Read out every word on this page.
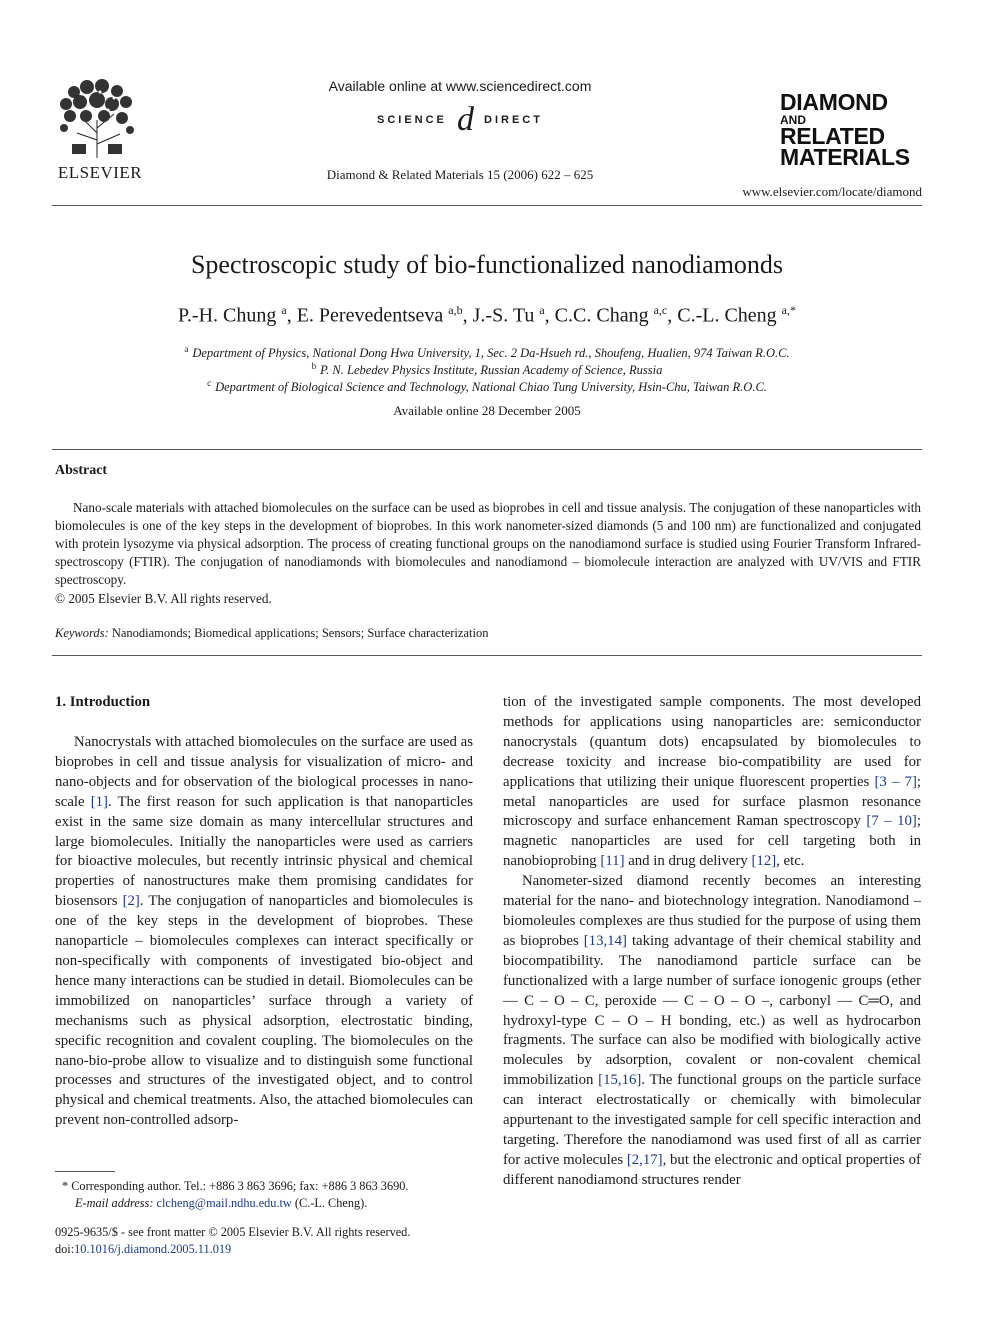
ELSEVIER
Available online at www.sciencedirect.com
SCIENCE d DIRECT
Diamond & Related Materials 15 (2006) 622 – 625
DIAMOND
AND
RELATED
MATERIALS
www.elsevier.com/locate/diamond
Spectroscopic study of bio-functionalized nanodiamonds
P.-H. Chung $^a$, E. Perevedentseva $^{a,b}$, J.-S. Tu $^a$, C.C. Chang $^{a,c}$, C.-L. Cheng $^{a,*}$
$^a$ Department of Physics, National Dong Hwa University, 1, Sec. 2 Da-Hsueh rd., Shoufeng, Hualien, 974 Taiwan R.O.C.
$^b$ P. N. Lebedev Physics Institute, Russian Academy of Science, Russia
$^c$ Department of Biological Science and Technology, National Chiao Tung University, Hsin-Chu, Taiwan R.O.C.
Available online 28 December 2005
Abstract
Nano-scale materials with attached biomolecules on the surface can be used as bioprobes in cell and tissue analysis. The conjugation of these nanoparticles with biomolecules is one of the key steps in the development of bioprobes. In this work nanometer-sized diamonds (5 and 100 nm) are functionalized and conjugated with protein lysozyme via physical adsorption. The process of creating functional groups on the nanodiamond surface is studied using Fourier Transform Infrared-spectroscopy (FTIR). The conjugation of nanodiamonds with biomolecules and nanodiamond – biomolecule interaction are analyzed with UV/VIS and FTIR spectroscopy.
© 2005 Elsevier B.V. All rights reserved.
Keywords: Nanodiamonds; Biomedical applications; Sensors; Surface characterization
1. Introduction

Nanocrystals with attached biomolecules on the surface are used as bioprobes in cell and tissue analysis for visualization of micro- and nano-objects and for observation of the biological processes in nano-scale [1]. The first reason for such application is that nanoparticles exist in the same size domain as many intercellular structures and large biomolecules. Initially the nanoparticles were used as carriers for bioactive molecules, but recently intrinsic physical and chemical properties of nanostructures make them promising candidates for biosensors [2]. The conjugation of nanoparticles and biomolecules is one of the key steps in the development of bioprobes. These nanoparticle – biomolecules complexes can interact specifically or non-specifically with components of investigated bio-object and hence many interactions can be studied in detail. Biomolecules can be immobilized on nanoparticles’ surface through a variety of mechanisms such as physical adsorption, electrostatic binding, specific recognition and covalent coupling. The biomolecules on the nano-bio-probe allow to visualize and to distinguish some functional processes and structures of the investigated object, and to control physical and chemical treatments. Also, the attached biomolecules can prevent non-controlled adsorp-

tion of the investigated sample components. The most developed methods for applications using nanoparticles are: semiconductor nanocrystals (quantum dots) encapsulated by biomolecules to decrease toxicity and increase bio-compatibility are used for applications that utilizing their unique fluorescent properties [3 – 7]; metal nanoparticles are used for surface plasmon resonance microscopy and surface enhancement Raman spectroscopy [7 – 10]; magnetic nanoparticles are used for cell targeting both in nanobioprobing [11] and in drug delivery [12], etc.

Nanometer-sized diamond recently becomes an interesting material for the nano- and biotechnology integration. Nanodiamond – biomoleules complexes are thus studied for the purpose of using them as bioprobes [13,14] taking advantage of their chemical stability and biocompatibility. The nanodiamond particle surface can be functionalized with a large number of surface ionogenic groups (ether — C – O – C, peroxide — C – O – O –, carbonyl — C═O, and hydroxyl-type C – O – H bonding, etc.) as well as hydrocarbon fragments. The surface can also be modified with biologically active molecules by adsorption, covalent or non-covalent chemical immobilization [15,16]. The functional groups on the particle surface can interact electrostatically or chemically with bimolecular appurtenant to the investigated sample for cell specific interaction and targeting. Therefore the nanodiamond was used first of all as carrier for active molecules [2,17], but the electronic and optical properties of different nanodiamond structures render

* Corresponding author. Tel.: +886 3 863 3696; fax: +886 3 863 3690.
E-mail address: clcheng@mail.ndhu.edu.tw (C.-L. Cheng).
0925-9635/$ - see front matter © 2005 Elsevier B.V. All rights reserved.
doi:10.1016/j.diamond.2005.11.019
